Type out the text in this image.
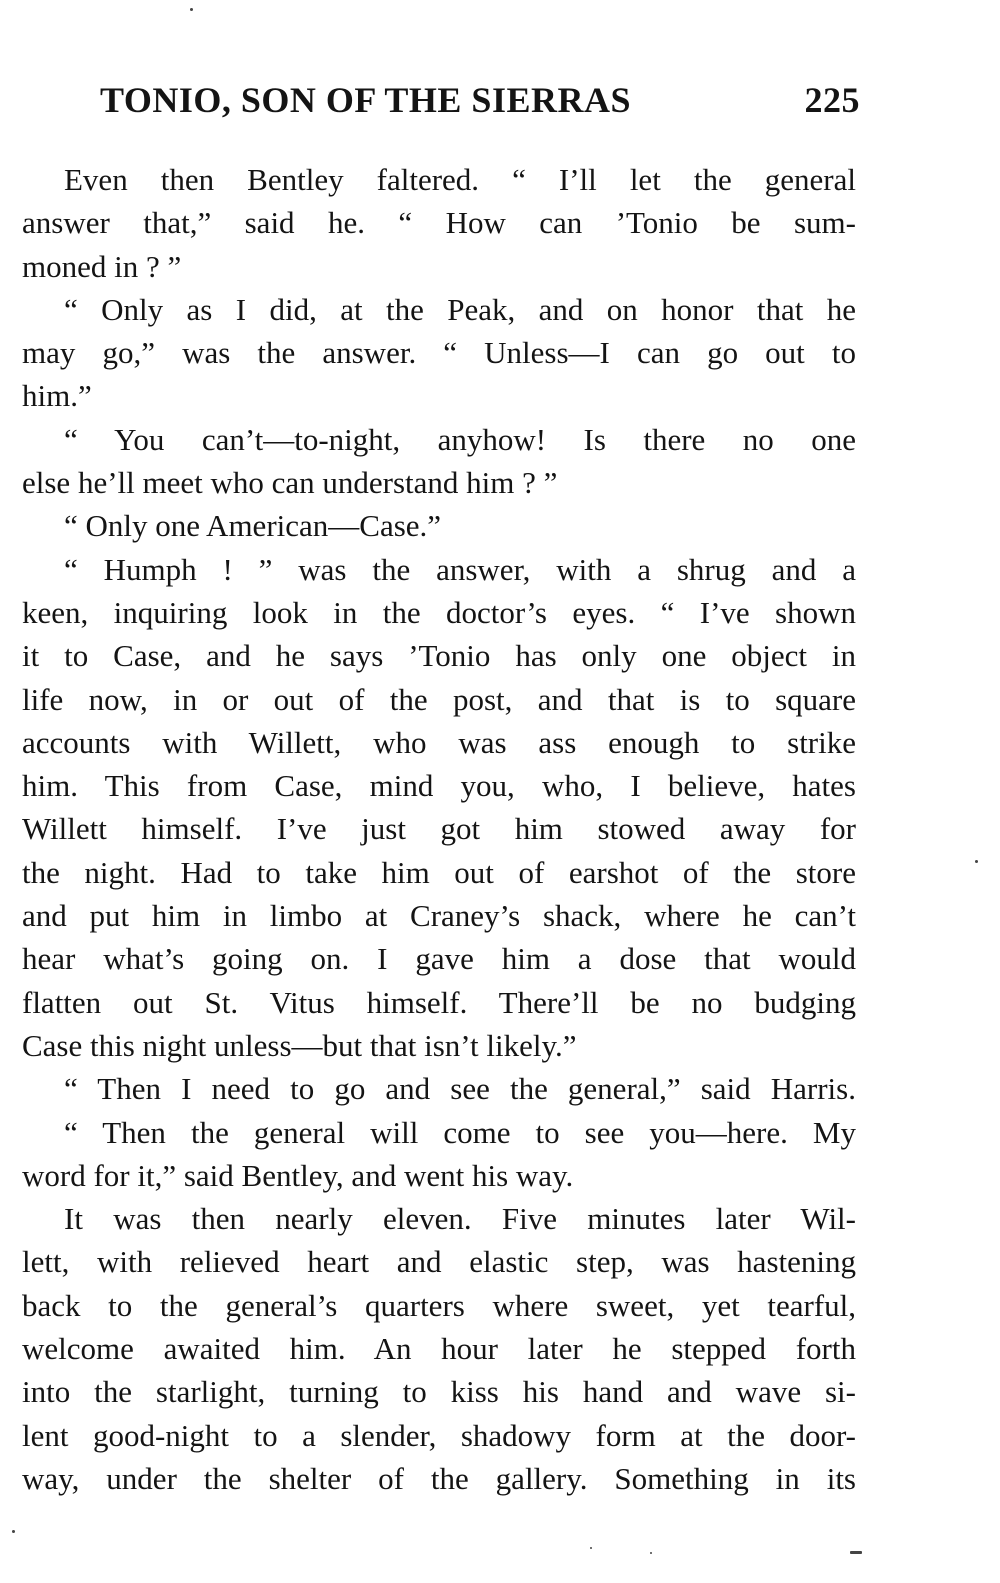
TONIO, SON OF THE SIERRAS	225
Even then Bentley faltered. “ I’ll let the general
answer that,” said he. “ How can ’Tonio be sum-
moned in ? ”
“ Only as I did, at the Peak, and on honor that he
may go,” was the answer. “ Unless—I can go out to
him.”
“ You can’t—to-night, anyhow! Is there no one
else he’ll meet who can understand him ? ”
“ Only one American—Case.”
“ Humph ! ” was the answer, with a shrug and a
keen, inquiring look in the doctor’s eyes. “ I’ve shown
it to Case, and he says ’Tonio has only one object in
life now, in or out of the post, and that is to square
accounts with Willett, who was ass enough to strike
him. This from Case, mind you, who, I believe, hates
Willett himself. I’ve just got him stowed away for
the night. Had to take him out of earshot of the store
and put him in limbo at Craney’s shack, where he can’t
hear what’s going on. I gave him a dose that would
flatten out St. Vitus himself. There’ll be no budging
Case this night unless—but that isn’t likely.”
“ Then I need to go and see the general,” said Harris.
“ Then the general will come to see you—here. My
word for it,” said Bentley, and went his way.
It was then nearly eleven. Five minutes later Wil-
lett, with relieved heart and elastic step, was hastening
back to the general’s quarters where sweet, yet tearful,
welcome awaited him. An hour later he stepped forth
into the starlight, turning to kiss his hand and wave si-
lent good-night to a slender, shadowy form at the door-
way, under the shelter of the gallery. Something in its
